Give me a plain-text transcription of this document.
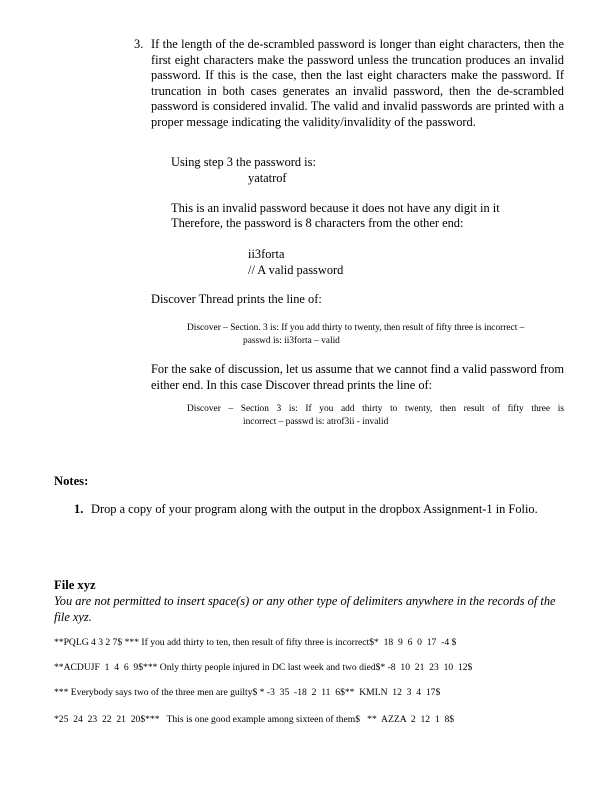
3. If the length of the de-scrambled password is longer than eight characters, then the first eight characters make the password unless the truncation produces an invalid password. If this is the case, then the last eight characters make the password. If truncation in both cases generates an invalid password, then the de-scrambled password is considered invalid. The valid and invalid passwords are printed with a proper message indicating the validity/invalidity of the password.
Using step 3 the password is:
yatatrof
This is an invalid password because it does not have any digit in it
Therefore, the password is 8 characters from the other end:
ii3forta
// A valid password
Discover Thread prints the line of:
Discover – Section. 3 is: If you add thirty to twenty, then result of fifty three is incorrect –
passwd is: ii3forta – valid
For the sake of discussion, let us assume that we cannot find a valid password from either end. In this case Discover thread prints the line of:
Discover – Section 3 is: If you add thirty to twenty, then result of fifty three is
incorrect – passwd is: atrof3ii - invalid
Notes:
1. Drop a copy of your program along with the output in the dropbox Assignment-1 in Folio.
File xyz
You are not permitted to insert space(s) or any other type of delimiters anywhere in the records of the file xyz.
**PQLG 4 3 2 7$ *** If you add thirty to ten, then result of fifty three is incorrect$*  18  9  6  0  17  -4 $
**ACDUJF  1  4  6  9$*** Only thirty people injured in DC last week and two died$* -8  10  21  23  10  12$
*** Everybody says two of the three men are guilty$ * -3  35  -18  2  11  6$**  KMLN  12  3  4  17$
*25  24  23  22  21  20$***   This is one good example among sixteen of them$   **  AZZA  2  12  1  8$
